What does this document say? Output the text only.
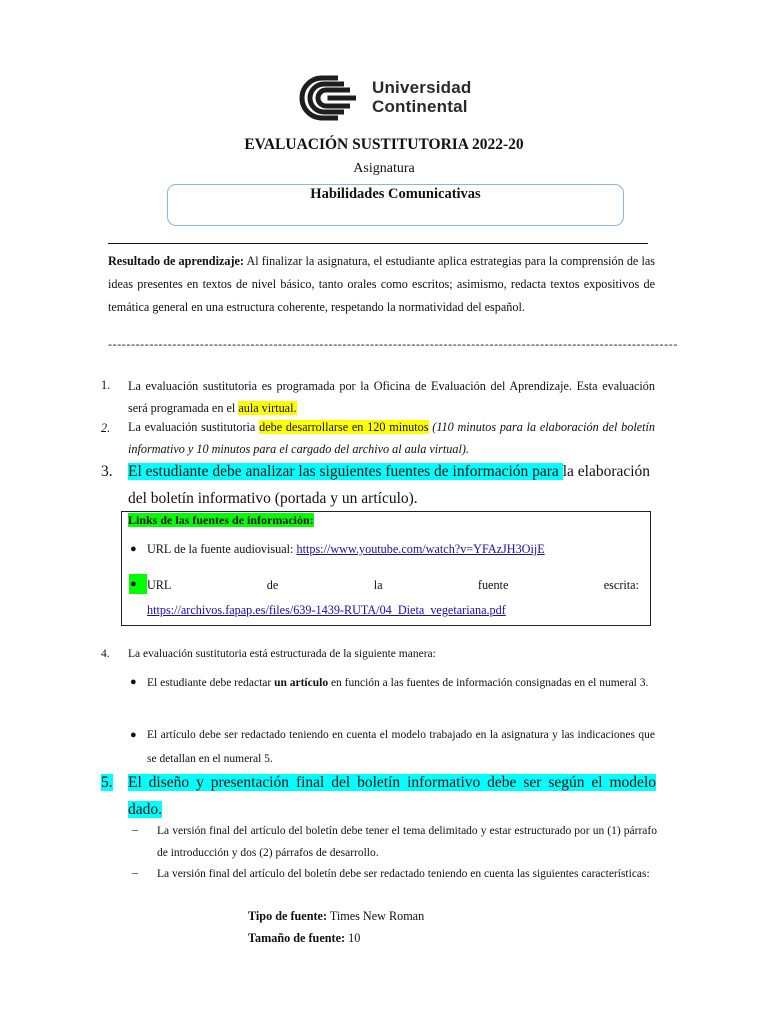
Universidad
Continental
EVALUACIÓN SUSTITUTORIA 2022-20
Asignatura
Habilidades Comunicativas
Resultado de aprendizaje: Al finalizar la asignatura, el estudiante aplica estrategias para la comprensión de las ideas presentes en textos de nivel básico, tanto orales como escritos; asimismo, redacta textos expositivos de temática general en una estructura coherente, respetando la normatividad del español.
----------------------------------------------------------------------------------------------------------------------------
1. La evaluación sustitutoria es programada por la Oficina de Evaluación del Aprendizaje. Esta evaluación será programada en el aula virtual.
2. La evaluación sustitutoria debe desarrollarse en 120 minutos (110 minutos para la elaboración del boletín informativo y 10 minutos para el cargado del archivo al aula virtual).
3. El estudiante debe analizar las siguientes fuentes de información para la elaboración del boletín informativo (portada y un artículo).
Links de las fuentes de información:
● URL de la fuente audiovisual: https://www.youtube.com/watch?v=YFAzJH3OijE
● URL	de	la	fuente	escrita:
https://archivos.fapap.es/files/639-1439-RUTA/04_Dieta_vegetariana.pdf
4. La evaluación sustitutoria está estructurada de la siguiente manera:
● El estudiante debe redactar un artículo en función a las fuentes de información consignadas en el numeral 3.
● El artículo debe ser redactado teniendo en cuenta el modelo trabajado en la asignatura y las indicaciones que se detallan en el numeral 5.
5. El diseño y presentación final del boletín informativo debe ser según el modelo dado.
– La versión final del artículo del boletín debe tener el tema delimitado y estar estructurado por un (1) párrafo de introducción y dos (2) párrafos de desarrollo.
– La versión final del artículo del boletín debe ser redactado teniendo en cuenta las siguientes características:
Tipo de fuente: Times New Roman
Tamaño de fuente: 10
